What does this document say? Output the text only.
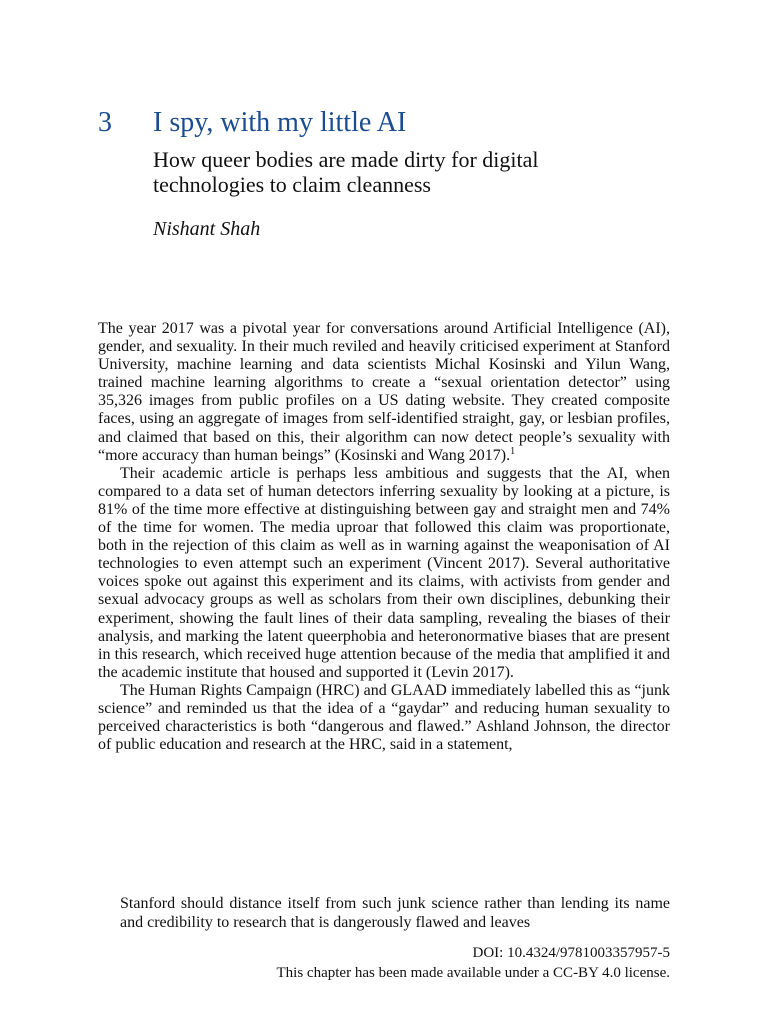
3 I spy, with my little AI
How queer bodies are made dirty for digital technologies to claim cleanness
Nishant Shah

The year 2017 was a pivotal year for conversations around Artificial Intelligence (AI), gender, and sexuality. In their much reviled and heavily criticised experiment at Stanford University, machine learning and data scientists Michal Kosinski and Yilun Wang, trained machine learning algorithms to create a “sexual orientation detector” using 35,326 images from public profiles on a US dating website. They created composite faces, using an aggregate of images from self-identified straight, gay, or lesbian profiles, and claimed that based on this, their algorithm can now detect people’s sexuality with “more accuracy than human beings” (Kosinski and Wang 2017).$^1$

Their academic article is perhaps less ambitious and suggests that the AI, when compared to a data set of human detectors inferring sexuality by looking at a picture, is 81% of the time more effective at distinguishing between gay and straight men and 74% of the time for women. The media uproar that followed this claim was proportionate, both in the rejection of this claim as well as in warning against the weaponisation of AI technologies to even attempt such an experiment (Vincent 2017). Several authoritative voices spoke out against this experiment and its claims, with activists from gender and sexual advocacy groups as well as scholars from their own disciplines, debunking their experiment, showing the fault lines of their data sampling, revealing the biases of their analysis, and marking the latent queerphobia and heteronormative biases that are present in this research, which received huge attention because of the media that amplified it and the academic institute that housed and supported it (Levin 2017).

The Human Rights Campaign (HRC) and GLAAD immediately labelled this as “junk science” and reminded us that the idea of a “gaydar” and reducing human sexuality to perceived characteristics is both “dangerous and flawed.” Ashland Johnson, the director of public education and research at the HRC, said in a statement,

Stanford should distance itself from such junk science rather than lending its name and credibility to research that is dangerously flawed and leaves
DOI: 10.4324/9781003357957-5
This chapter has been made available under a CC-BY 4.0 license.
